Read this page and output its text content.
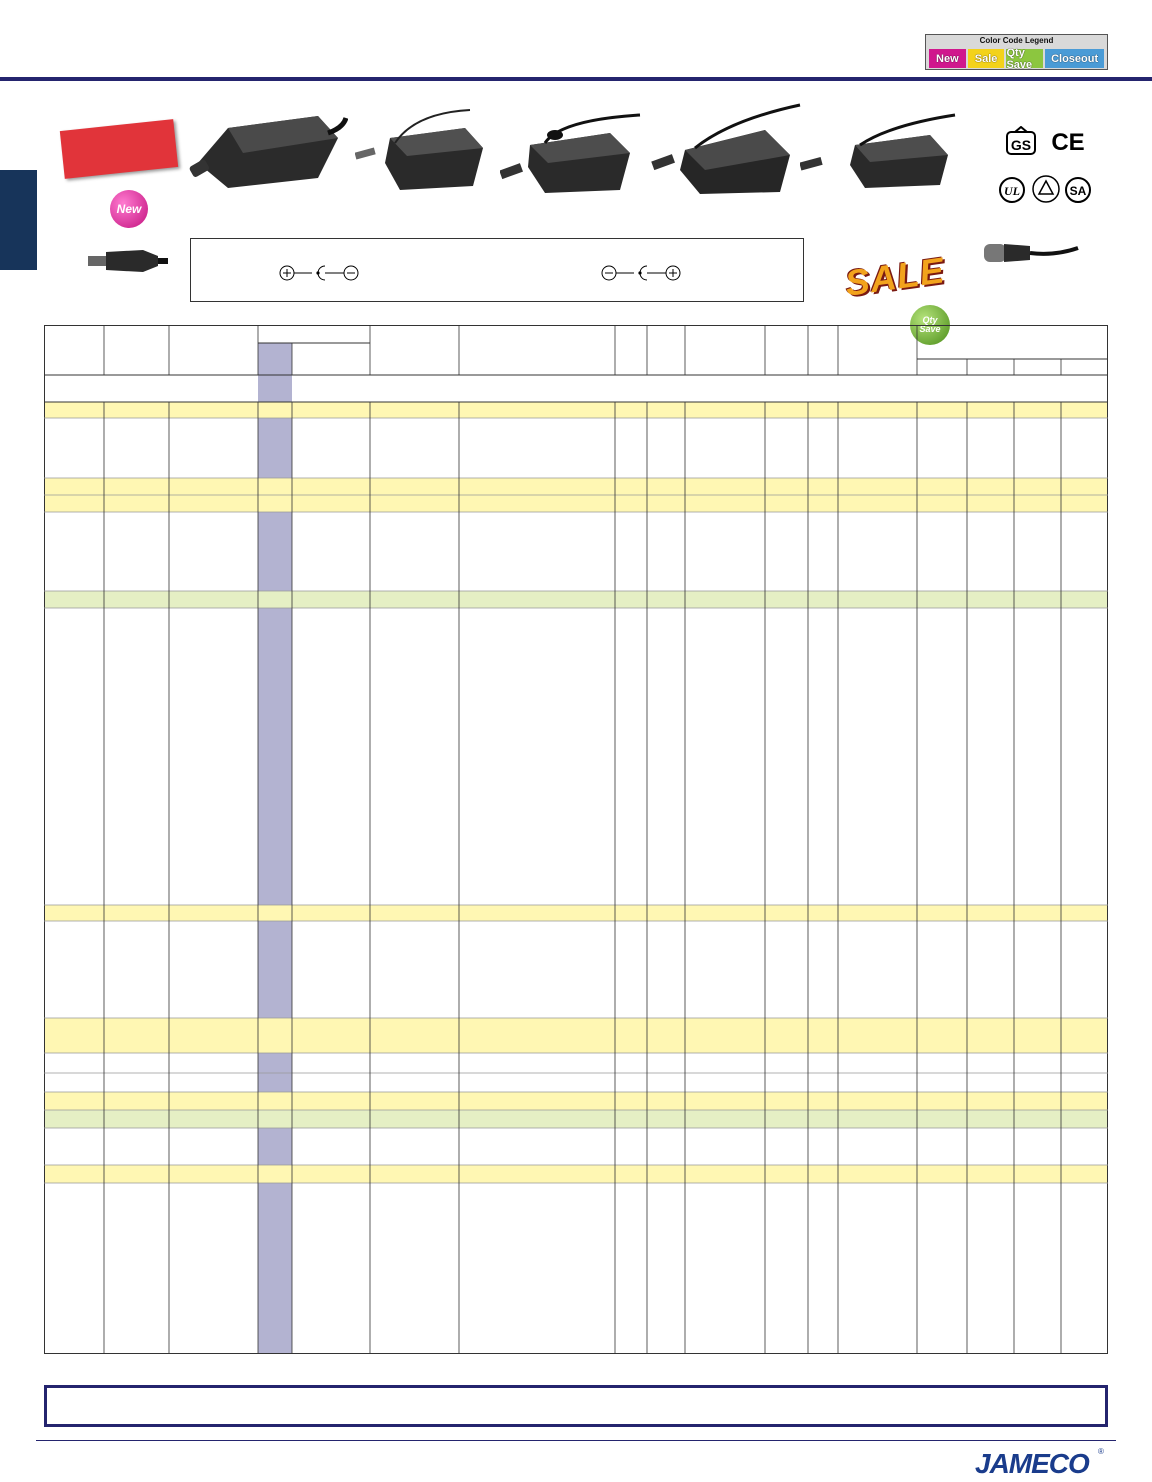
Color Code Legend
New	Sale Qty Save	Closeout
New
GS CE
UL	SA
SALE
Qty
Save
JAMECO ®
